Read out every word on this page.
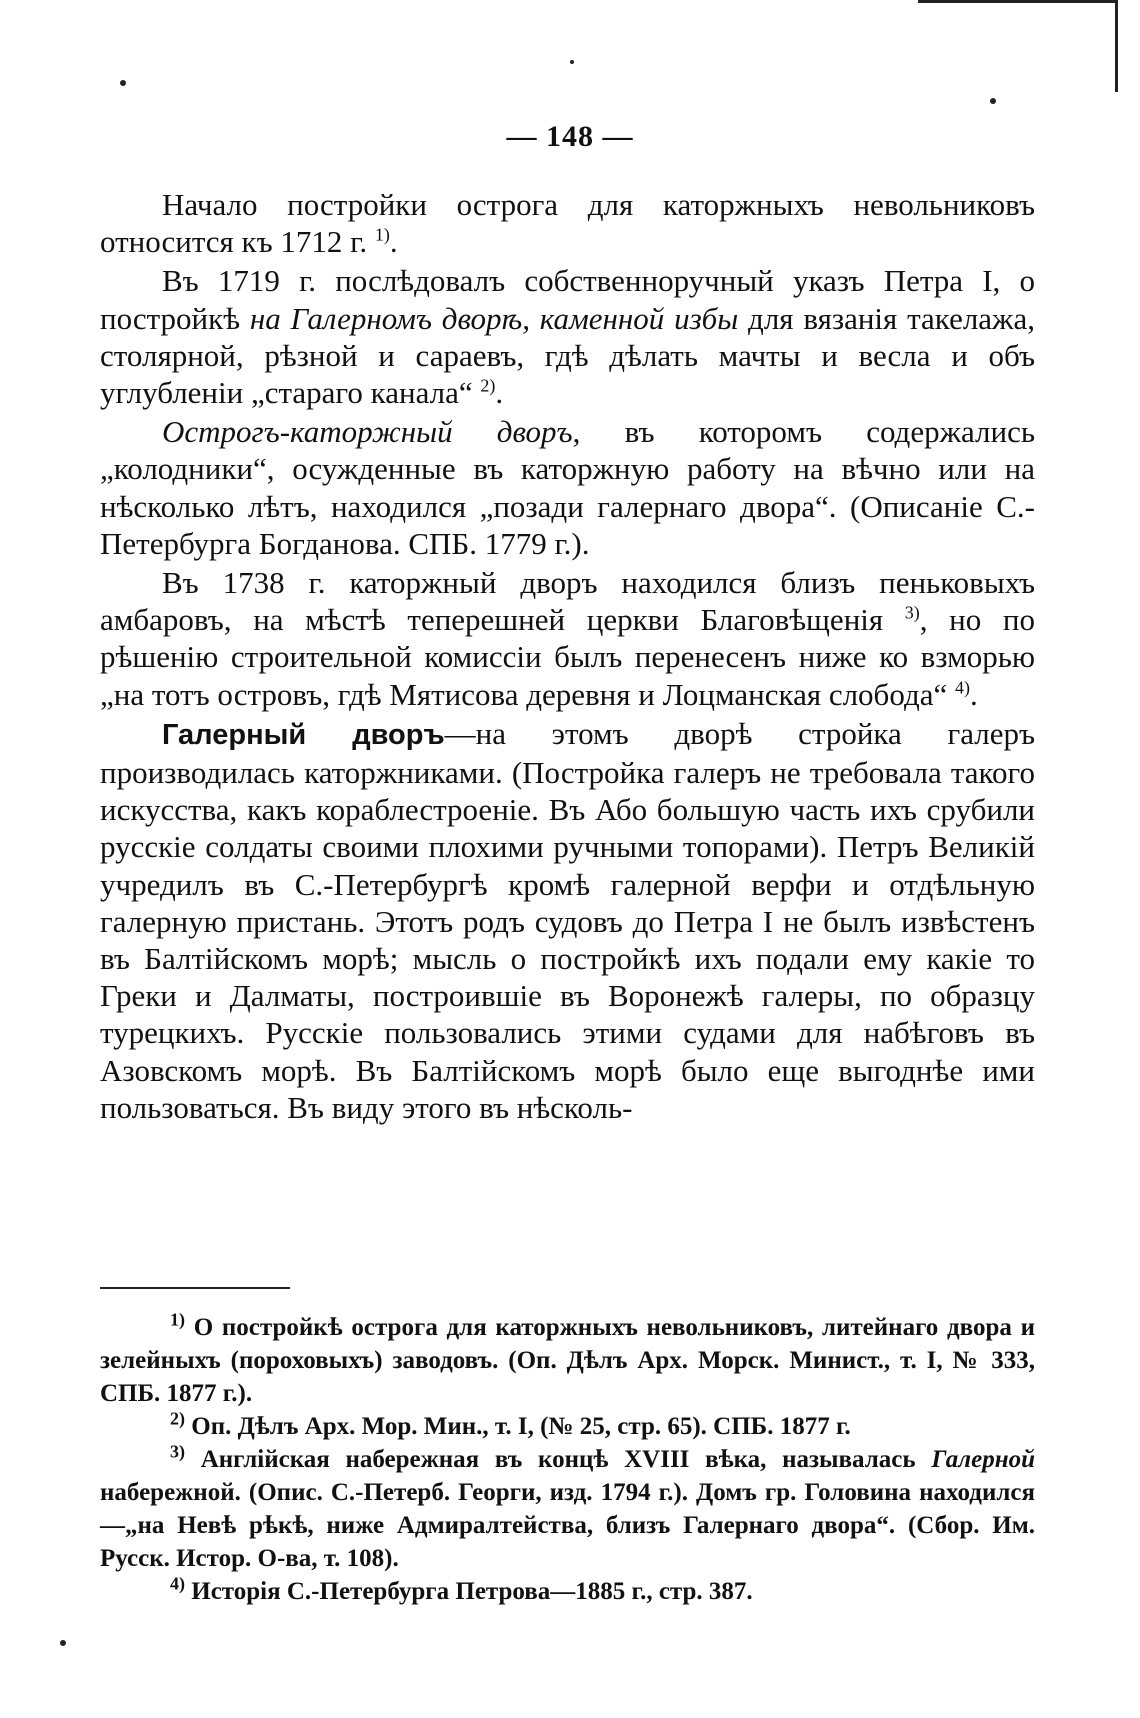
— 148 —

Начало постройки острога для каторжныхъ невольниковъ относится къ 1712 г. $^{1)}$.

Въ 1719 г. послѣдовалъ собственноручный указъ Петра I, о постройкѣ на Галерномъ дворѣ, каменной избы для вязанія такелажа, столярной, рѣзной и сараевъ, гдѣ дѣлать мачты и весла и объ углубленіи „стараго канала“ $^{2)}$.

Острогъ-каторжный дворъ, въ которомъ содержались „колодники“, осужденные въ каторжную работу на вѣчно или на нѣсколько лѣтъ, находился „позади галернаго двора“. (Описаніе С.-Петербурга Богданова. СПБ. 1779 г.).

Въ 1738 г. каторжный дворъ находился близъ пеньковыхъ амбаровъ, на мѣстѣ теперешней церкви Благовѣщенія $^{3)}$, но по рѣшенію строительной комиссіи былъ перенесенъ ниже ко взморью „на тотъ островъ, гдѣ Мятисова деревня и Лоцманская слобода“ $^{4)}$.

Галерный дворъ—на этомъ дворѣ стройка галеръ производилась каторжниками. (Постройка галеръ не требовала такого искусства, какъ кораблестроеніе. Въ Або большую часть ихъ срубили русскіе солдаты своими плохими ручными топорами). Петръ Великій учредилъ въ С.-Петербургѣ кромѣ галерной верфи и отдѣльную галерную пристань. Этотъ родъ судовъ до Петра I не былъ извѣстенъ въ Балтійскомъ морѣ; мысль о постройкѣ ихъ подали ему какіе то Греки и Далматы, построившіе въ Воронежѣ галеры, по образцу турецкихъ. Русскіе пользовались этими судами для набѣговъ въ Азовскомъ морѣ. Въ Балтійскомъ морѣ было еще выгоднѣе ими пользоваться. Въ виду этого въ нѣсколь-

$^{1)}$ О постройкѣ острога для каторжныхъ невольниковъ, литейнаго двора и зелейныхъ (пороховыхъ) заводовъ. (Оп. Дѣлъ Арх. Морск. Минист., т. I, № 333, СПБ. 1877 г.).

$^{2)}$ Оп. Дѣлъ Арх. Мор. Мин., т. I, (№ 25, стр. 65). СПБ. 1877 г.

$^{3)}$ Англійская набережная въ концѣ XVIII вѣка, называлась Галерной набережной. (Опис. С.-Петерб. Георги, изд. 1794 г.). Домъ гр. Головина находился—„на Невѣ рѣкѣ, ниже Адмиралтейства, близъ Галернаго двора“. (Сбор. Им. Русск. Истор. О-ва, т. 108).

$^{4)}$ Исторія С.-Петербурга Петрова—1885 г., стр. 387.
